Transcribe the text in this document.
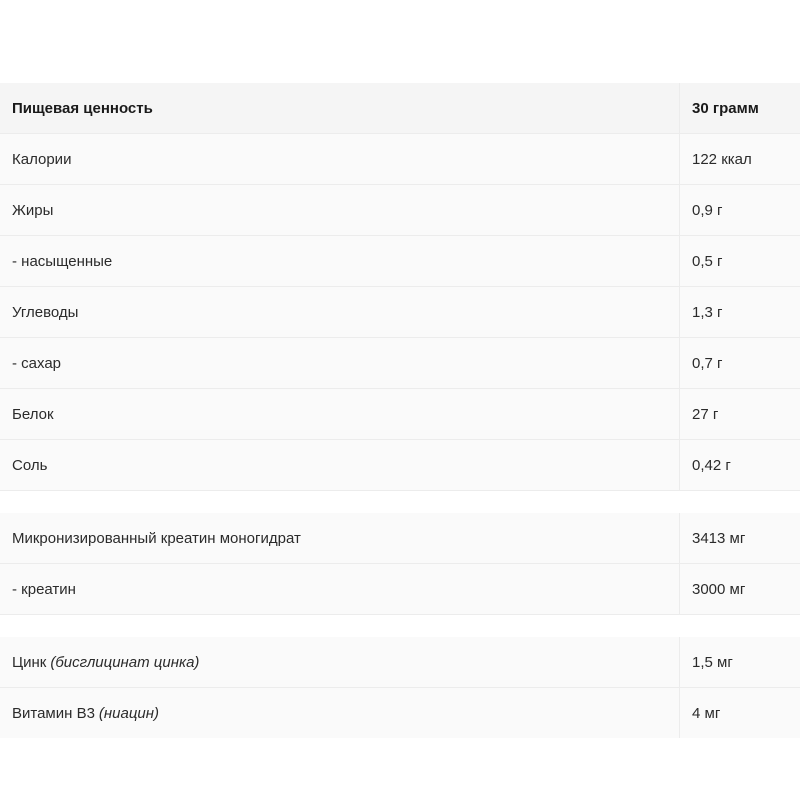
Пищевая ценность	30 грамм
Калории	122 ккал
Жиры	0,9 г
- насыщенные	0,5 г
Углеводы	1,3 г
- сахар	0,7 г
Белок	27 г
Соль	0,42 г
Микронизированный креатин моногидрат	3413 мг
- креатин	3000 мг
Цинк (бисглицинат цинка)	1,5 мг
Витамин B3 (ниацин)	4 мг
